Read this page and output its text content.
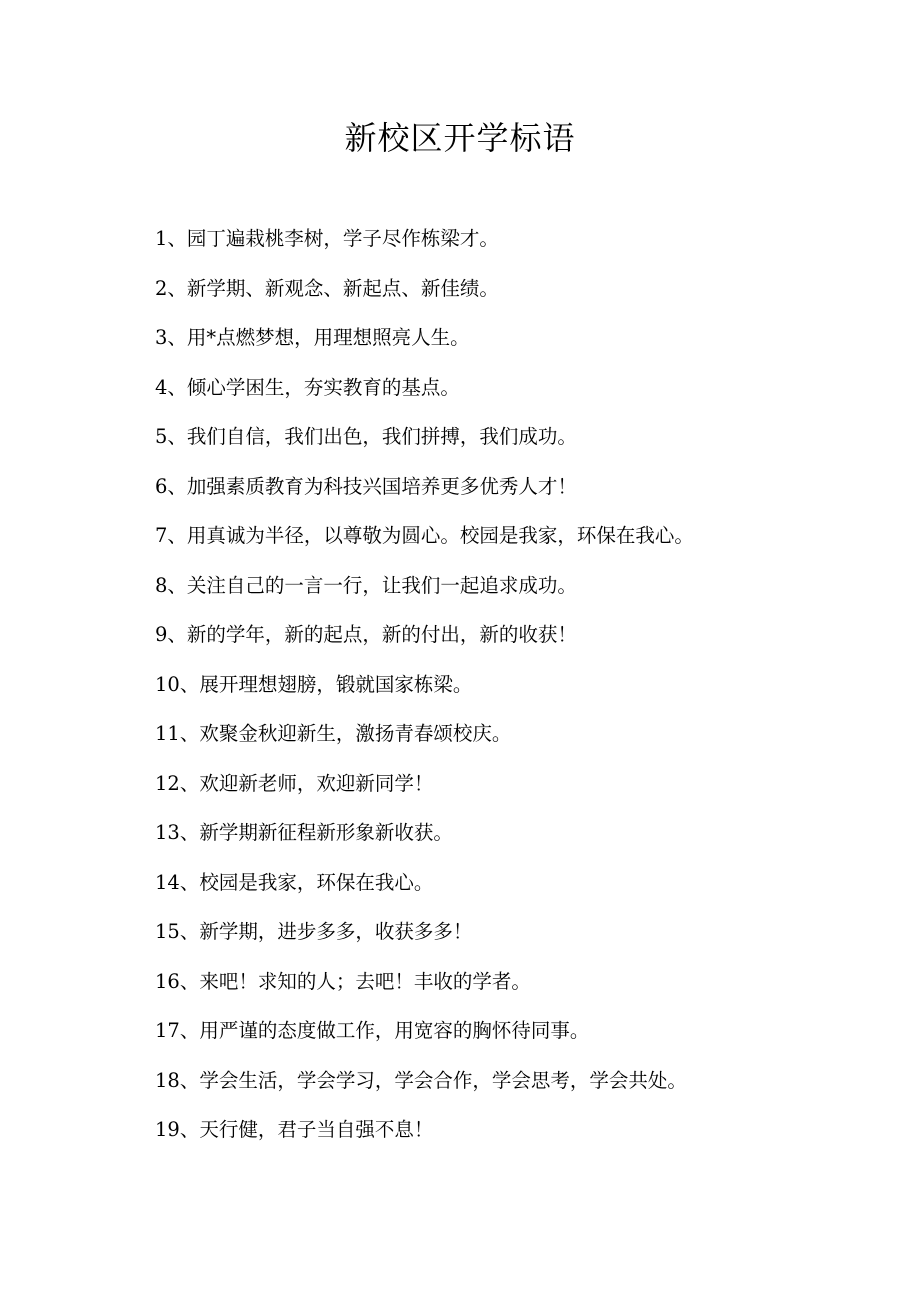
新校区开学标语
1、园丁遍栽桃李树，学子尽作栋梁才。
2、新学期、新观念、新起点、新佳绩。
3、用*点燃梦想，用理想照亮人生。
4、倾心学困生，夯实教育的基点。
5、我们自信，我们出色，我们拼搏，我们成功。
6、加强素质教育为科技兴国培养更多优秀人才！
7、用真诚为半径，以尊敬为圆心。校园是我家，环保在我心。
8、关注自己的一言一行，让我们一起追求成功。
9、新的学年，新的起点，新的付出，新的收获！
10、展开理想翅膀，锻就国家栋梁。
11、欢聚金秋迎新生，激扬青春颂校庆。
12、欢迎新老师，欢迎新同学！
13、新学期新征程新形象新收获。
14、校园是我家，环保在我心。
15、新学期，进步多多，收获多多！
16、来吧！求知的人；去吧！丰收的学者。
17、用严谨的态度做工作，用宽容的胸怀待同事。
18、学会生活，学会学习，学会合作，学会思考，学会共处。
19、天行健，君子当自强不息！
